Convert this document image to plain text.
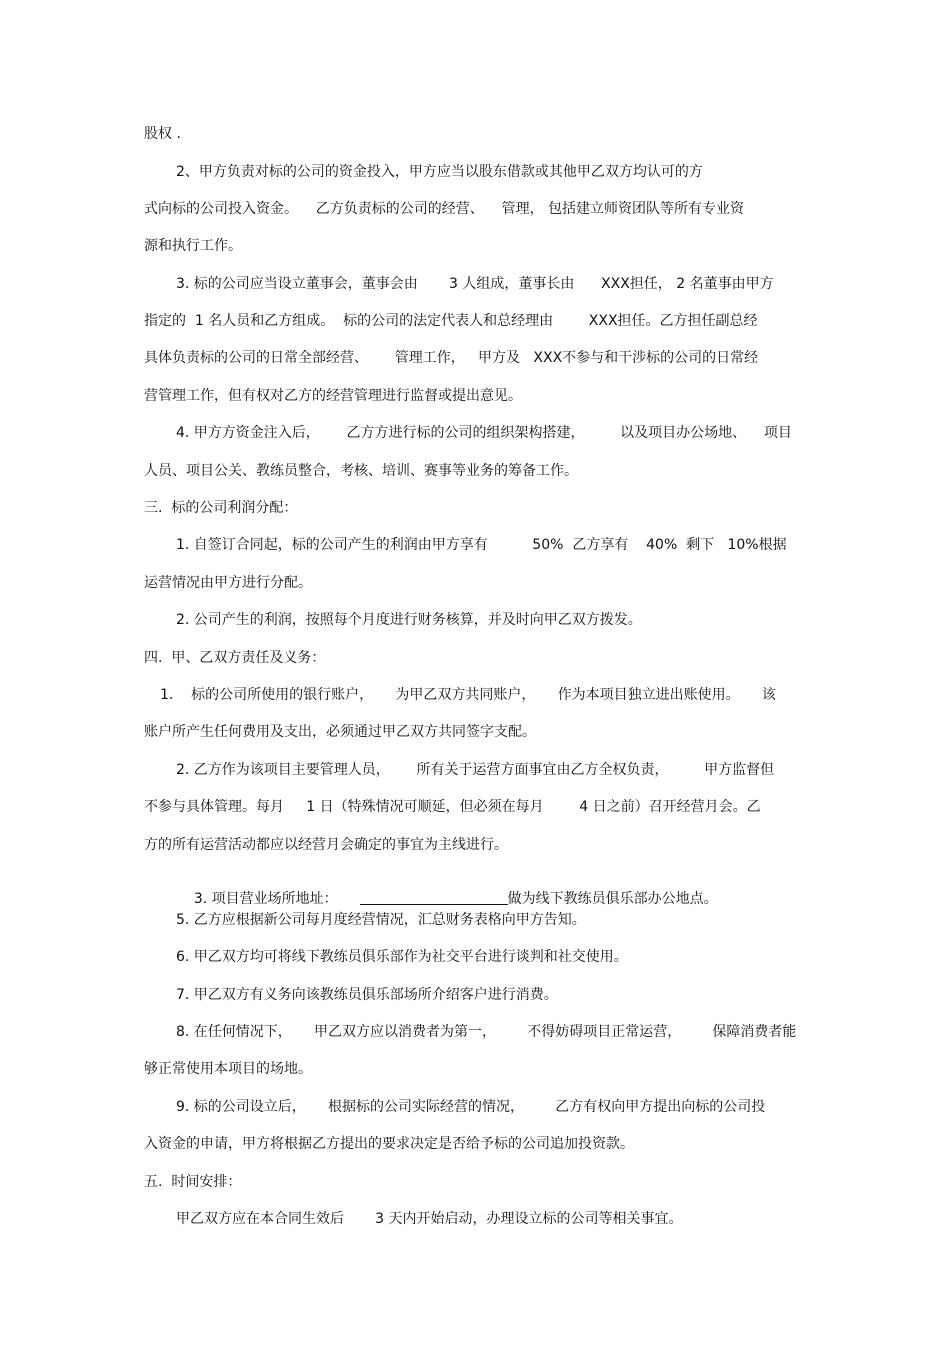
股权 .
2、甲方负责对标的公司的资金投入，甲方应当以股东借款或其他甲乙双方均认可的方
式向标的公司投入资金。    乙方负责标的公司的经营、    管理， 包括建立师资团队等所有专业资
源和执行工作。
3. 标的公司应当设立董事会，董事会由       3 人组成，董事长由      XXX担任， 2 名董事由甲方
指定的  1 名人员和乙方组成。  标的公司的法定代表人和总经理由        XXX担任。乙方担任副总经
具体负责标的公司的日常全部经营、      管理工作，   甲方及   XXX不参与和干涉标的公司的日常经
营管理工作，但有权对乙方的经营管理进行监督或提出意见。
4. 甲方方资金注入后，      乙方方进行标的公司的组织架构搭建，        以及项目办公场地、    项目
人员、项目公关、教练员整合，考核、培训、赛事等业务的筹备工作。
三.  标的公司利润分配：
1. 自签订合同起，标的公司产生的利润由甲方享有          50%  乙方享有    40%  剩下   10%根据
运营情况由甲方进行分配。
2. 公司产生的利润，按照每个月度进行财务核算，并及时向甲乙双方拨发。
四.  甲、乙双方责任及义务：
1.    标的公司所使用的银行账户，     为甲乙双方共同账户，     作为本项目独立进出账使用。     该
账户所产生任何费用及支出，必须通过甲乙双方共同签字支配。
2. 乙方作为该项目主要管理人员，      所有关于运营方面事宜由乙方全权负责，        甲方监督但
不参与具体管理。每月     1 日（特殊情况可顺延，但必须在每月        4 日之前）召开经营月会。乙
方的所有运营活动都应以经营月会确定的事宜为主线进行。

3. 项目营业场所地址：	做为线下教练员俱乐部办公地点。

5. 乙方应根据新公司每月度经营情况，汇总财务表格向甲方告知。
6. 甲乙双方均可将线下教练员俱乐部作为社交平台进行谈判和社交使用。
7. 甲乙双方有义务向该教练员俱乐部场所介绍客户进行消费。
8. 在任何情况下，     甲乙双方应以消费者为第一，       不得妨碍项目正常运营，       保障消费者能
够正常使用本项目的场地。
9. 标的公司设立后，     根据标的公司实际经营的情况，       乙方有权向甲方提出向标的公司投
入资金的申请，甲方将根据乙方提出的要求决定是否给予标的公司追加投资款。
五.  时间安排：
甲乙双方应在本合同生效后       3 天内开始启动，办理设立标的公司等相关事宜。
